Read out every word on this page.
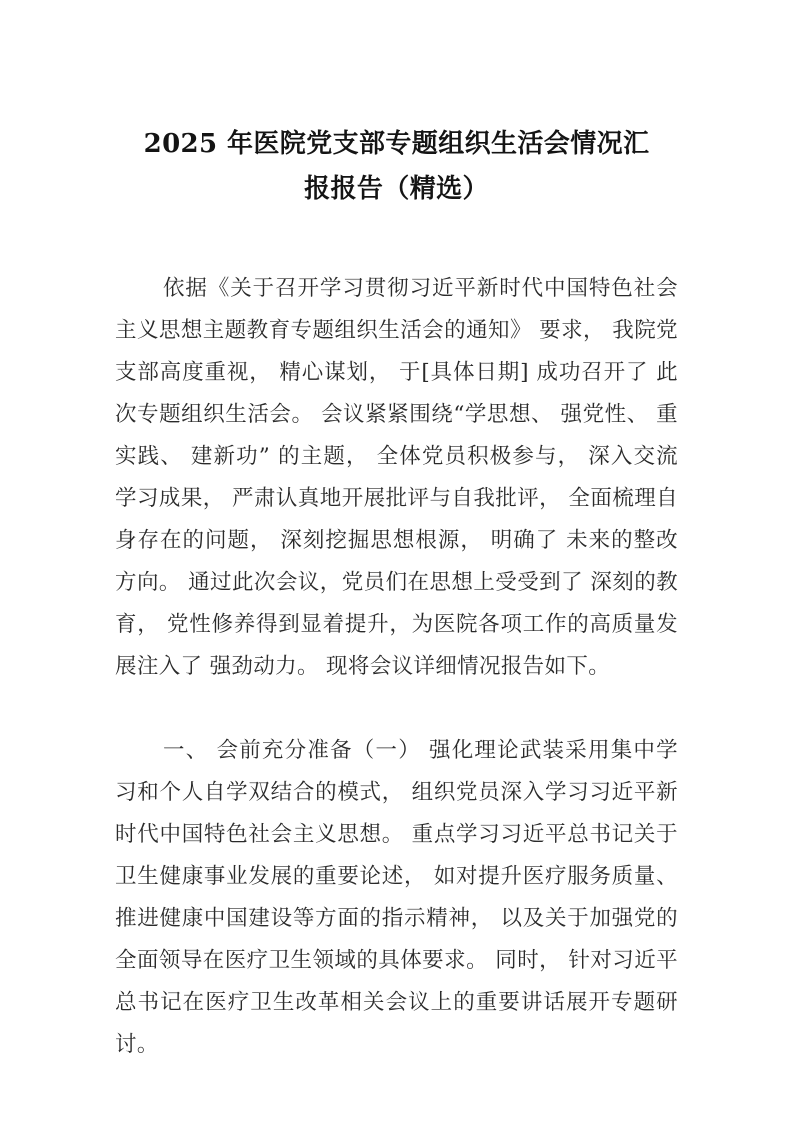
2025 年医院党支部专题组织生活会情况汇
报报告（精选）

依据《关于召开学习贯彻习近平新时代中国特色社会主义思想主题教育专题组织生活会的通知》 要求， 我院党支部高度重视， 精心谋划， 于[具体日期] 成功召开了 此次专题组织生活会。 会议紧紧围绕“学思想、 强党性、 重实践、 建新功” 的主题， 全体党员积极参与， 深入交流学习成果， 严肃认真地开展批评与自我批评， 全面梳理自身存在的问题， 深刻挖掘思想根源， 明确了 未来的整改方向。 通过此次会议，党员们在思想上受受到了 深刻的教育， 党性修养得到显着提升，为医院各项工作的高质量发展注入了 强劲动力。 现将会议详细情况报告如下。

一、 会前充分准备（一） 强化理论武装采用集中学习和个人自学双结合的模式， 组织党员深入学习习近平新时代中国特色社会主义思想。 重点学习习近平总书记关于卫生健康事业发展的重要论述， 如对提升医疗服务质量、 推进健康中国建设等方面的指示精神， 以及关于加强党的全面领导在医疗卫生领域的具体要求。 同时， 针对习近平总书记在医疗卫生改革相关会议上的重要讲话展开专题研讨。
